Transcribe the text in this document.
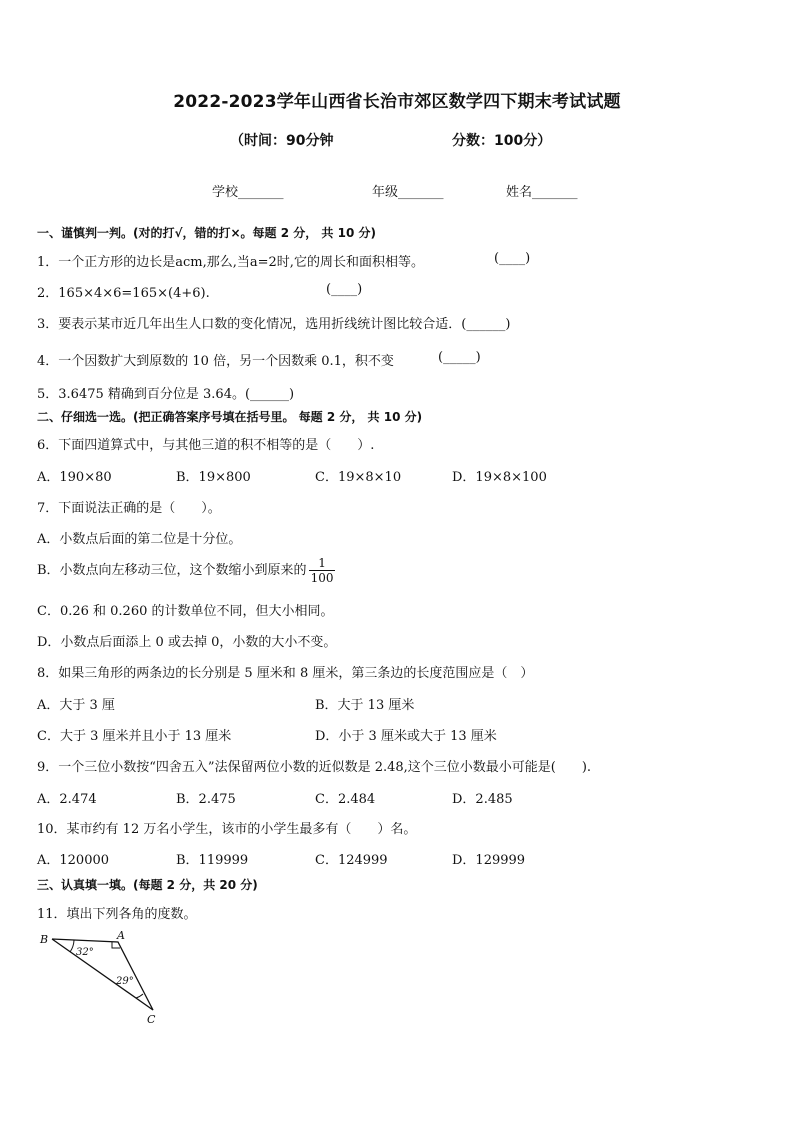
2022-2023学年山西省长治市郊区数学四下期末考试试题
（时间：90分钟	分数：100分）
学校_______	年级_______	姓名_______
一、谨慎判一判。(对的打√，错的打×。每题 2 分， 共 10 分)
1．一个正方形的边长是acm,那么,当a=2时,它的周长和面积相等。	(____)
2．165×4×6=165×(4+6).	(____)
3．要表示某市近几年出生人口数的变化情况，选用折线统计图比较合适．(______)
4．一个因数扩大到原数的 10 倍，另一个因数乘 0.1，积不变	(_____)
5．3.6475 精确到百分位是 3.64。(______)
二、仔细选一选。(把正确答案序号填在括号里。 每题 2 分， 共 10 分)
6．下面四道算式中，与其他三道的积不相等的是（　　）.
A．190×80	B．19×800	C．19×8×10	D．19×8×100
7．下面说法正确的是（　　）。
A．小数点后面的第二位是十分位。
B．小数点向左移动三位，这个数缩小到原来的 $\frac{1}{100}$
C．0.26 和 0.260 的计数单位不同，但大小相同。
D．小数点后面添上 0 或去掉 0，小数的大小不变。
8．如果三角形的两条边的长分别是 5 厘米和 8 厘米，第三条边的长度范围应是（　）
A．大于 3 厘	B．大于 13 厘米
C．大于 3 厘米并且小于 13 厘米	D．小于 3 厘米或大于 13 厘米
9．一个三位小数按“四舍五入”法保留两位小数的近似数是 2.48,这个三位小数最小可能是(　　).
A．2.474	B．2.475	C．2.484	D．2.485
10．某市约有 12 万名小学生，该市的小学生最多有（　　）名。
A．120000	B．119999	C．124999	D．129999
三、认真填一填。(每题 2 分，共 20 分)
11．填出下列各角的度数。
B	A
C
32°
29°
